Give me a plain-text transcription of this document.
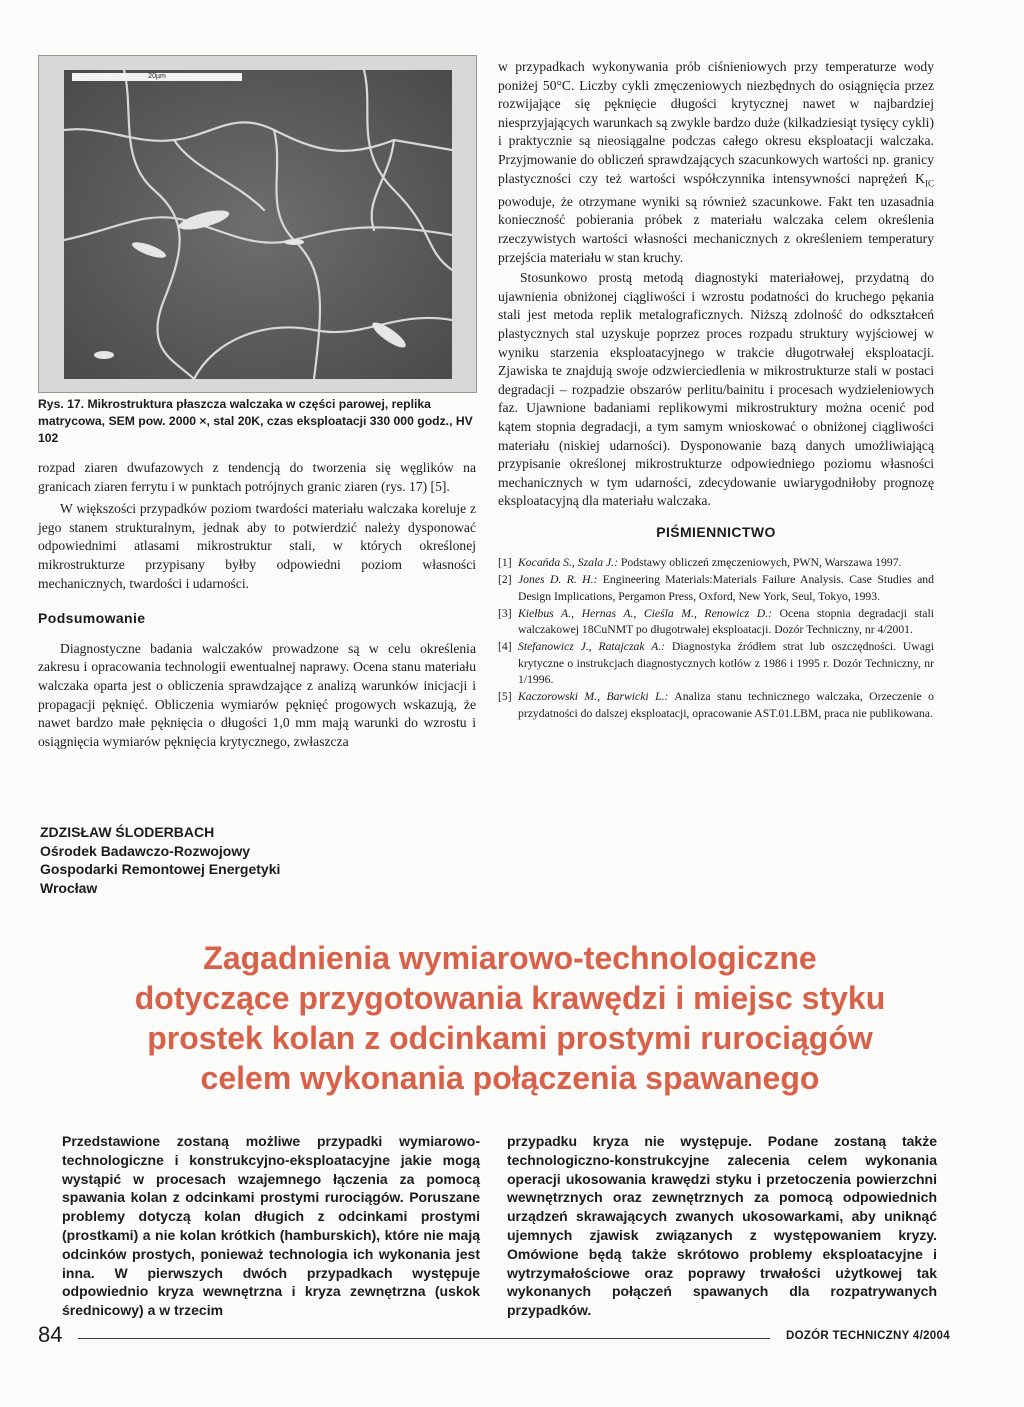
20µm
Rys. 17. Mikrostruktura płaszcza walczaka w części parowej, replika matrycowa, SEM pow. 2000 ×, stal 20K, czas eksploatacji 330 000 godz., HV 102

rozpad ziaren dwufazowych z tendencją do tworzenia się węglików na granicach ziaren ferrytu i w punktach potrójnych granic ziaren (rys. 17) [5].

W większości przypadków poziom twardości materiału walczaka koreluje z jego stanem strukturalnym, jednak aby to potwierdzić należy dysponować odpowiednimi atlasami mikrostruktur stali, w których określonej mikrostrukturze przypisany byłby odpowiedni poziom własności mechanicznych, twardości i udarności.

Podsumowanie

Diagnostyczne badania walczaków prowadzone są w celu określenia zakresu i opracowania technologii ewentualnej naprawy. Ocena stanu materiału walczaka oparta jest o obliczenia sprawdzające z analizą warunków inicjacji i propagacji pęknięć. Obliczenia wymiarów pęknięć progowych wskazują, że nawet bardzo małe pęknięcia o długości 1,0 mm mają warunki do wzrostu i osiągnięcia wymiarów pęknięcia krytycznego, zwłaszcza

w przypadkach wykonywania prób ciśnieniowych przy temperaturze wody poniżej 50°C. Liczby cykli zmęczeniowych niezbędnych do osiągnięcia przez rozwijające się pęknięcie długości krytycznej nawet w najbardziej niesprzyjających warunkach są zwykle bardzo duże (kilkadziesiąt tysięcy cykli) i praktycznie są nieosiągalne podczas całego okresu eksploatacji walczaka. Przyjmowanie do obliczeń sprawdzających szacunkowych wartości np. granicy plastyczności czy też wartości współczynnika intensywności naprężeń $K_{IC}$ powoduje, że otrzymane wyniki są również szacunkowe. Fakt ten uzasadnia konieczność pobierania próbek z materiału walczaka celem określenia rzeczywistych wartości własności mechanicznych z określeniem temperatury przejścia materiału w stan kruchy.

Stosunkowo prostą metodą diagnostyki materiałowej, przydatną do ujawnienia obniżonej ciągliwości i wzrostu podatności do kruchego pękania stali jest metoda replik metalograficznych. Niższą zdolność do odkształceń plastycznych stal uzyskuje poprzez proces rozpadu struktury wyjściowej w wyniku starzenia eksploatacyjnego w trakcie długotrwałej eksploatacji. Zjawiska te znajdują swoje odzwierciedlenia w mikrostrukturze stali w postaci degradacji – rozpadzie obszarów perlitu/bainitu i procesach wydzieleniowych faz. Ujawnione badaniami replikowymi mikrostruktury można ocenić pod kątem stopnia degradacji, a tym samym wnioskować o obniżonej ciągliwości materiału (niskiej udarności). Dysponowanie bazą danych umożliwiającą przypisanie określonej mikrostrukturze odpowiedniego poziomu własności mechanicznych w tym udarności, zdecydowanie uwiarygodniłoby prognozę eksploatacyjną dla materiału walczaka.

PIŚMIENNICTWO
[1] Kocańda S., Szala J.: Podstawy obliczeń zmęczeniowych, PWN, Warszawa 1997.
[2] Jones D. R. H.: Engineering Materials:Materials Failure Analysis. Case Studies and Design Implications, Pergamon Press, Oxford, New York, Seul, Tokyo, 1993.
[3] Kiełbus A., Hernas A., Cieśla M., Renowicz D.: Ocena stopnia degradacji stali walczakowej 18CuNMT po długotrwałej eksploatacji. Dozór Techniczny, nr 4/2001.
[4] Stefanowicz J., Ratajczak A.: Diagnostyka źródłem strat lub oszczędności. Uwagi krytyczne o instrukcjach diagnostycznych kotłów z 1986 i 1995 r. Dozór Techniczny, nr 1/1996.
[5] Kaczorowski M., Barwicki L.: Analiza stanu technicznego walczaka, Orzeczenie o przydatności do dalszej eksploatacji, opracowanie AST.01.LBM, praca nie publikowana.
ZDZISŁAW ŚLODERBACH
Ośrodek Badawczo-Rozwojowy
Gospodarki Remontowej Energetyki
Wrocław
Zagadnienia wymiarowo-technologiczne
dotyczące przygotowania krawędzi i miejsc styku
prostek kolan z odcinkami prostymi rurociągów
celem wykonania połączenia spawanego
Przedstawione zostaną możliwe przypadki wymiarowo-technologiczne i konstrukcyjno-eksploatacyjne jakie mogą wystąpić w procesach wzajemnego łączenia za pomocą spawania kolan z odcinkami prostymi rurociągów. Poruszane problemy dotyczą kolan długich z odcinkami prostymi (prostkami) a nie kolan krótkich (hamburskich), które nie mają odcinków prostych, ponieważ technologia ich wykonania jest inna. W pierwszych dwóch przypadkach występuje odpowiednio kryza wewnętrzna i kryza zewnętrzna (uskok średnicowy) a w trzecim
przypadku kryza nie występuje. Podane zostaną także technologiczno-konstrukcyjne zalecenia celem wykonania operacji ukosowania krawędzi styku i przetoczenia powierzchni wewnętrznych oraz zewnętrznych za pomocą odpowiednich urządzeń skrawających zwanych ukosowarkami, aby uniknąć ujemnych zjawisk związanych z występowaniem kryzy. Omówione będą także skrótowo problemy eksploatacyjne i wytrzymałościowe oraz poprawy trwałości użytkowej tak wykonanych połączeń spawanych dla rozpatrywanych przypadków.
84	DOZÓR TECHNICZNY 4/2004
